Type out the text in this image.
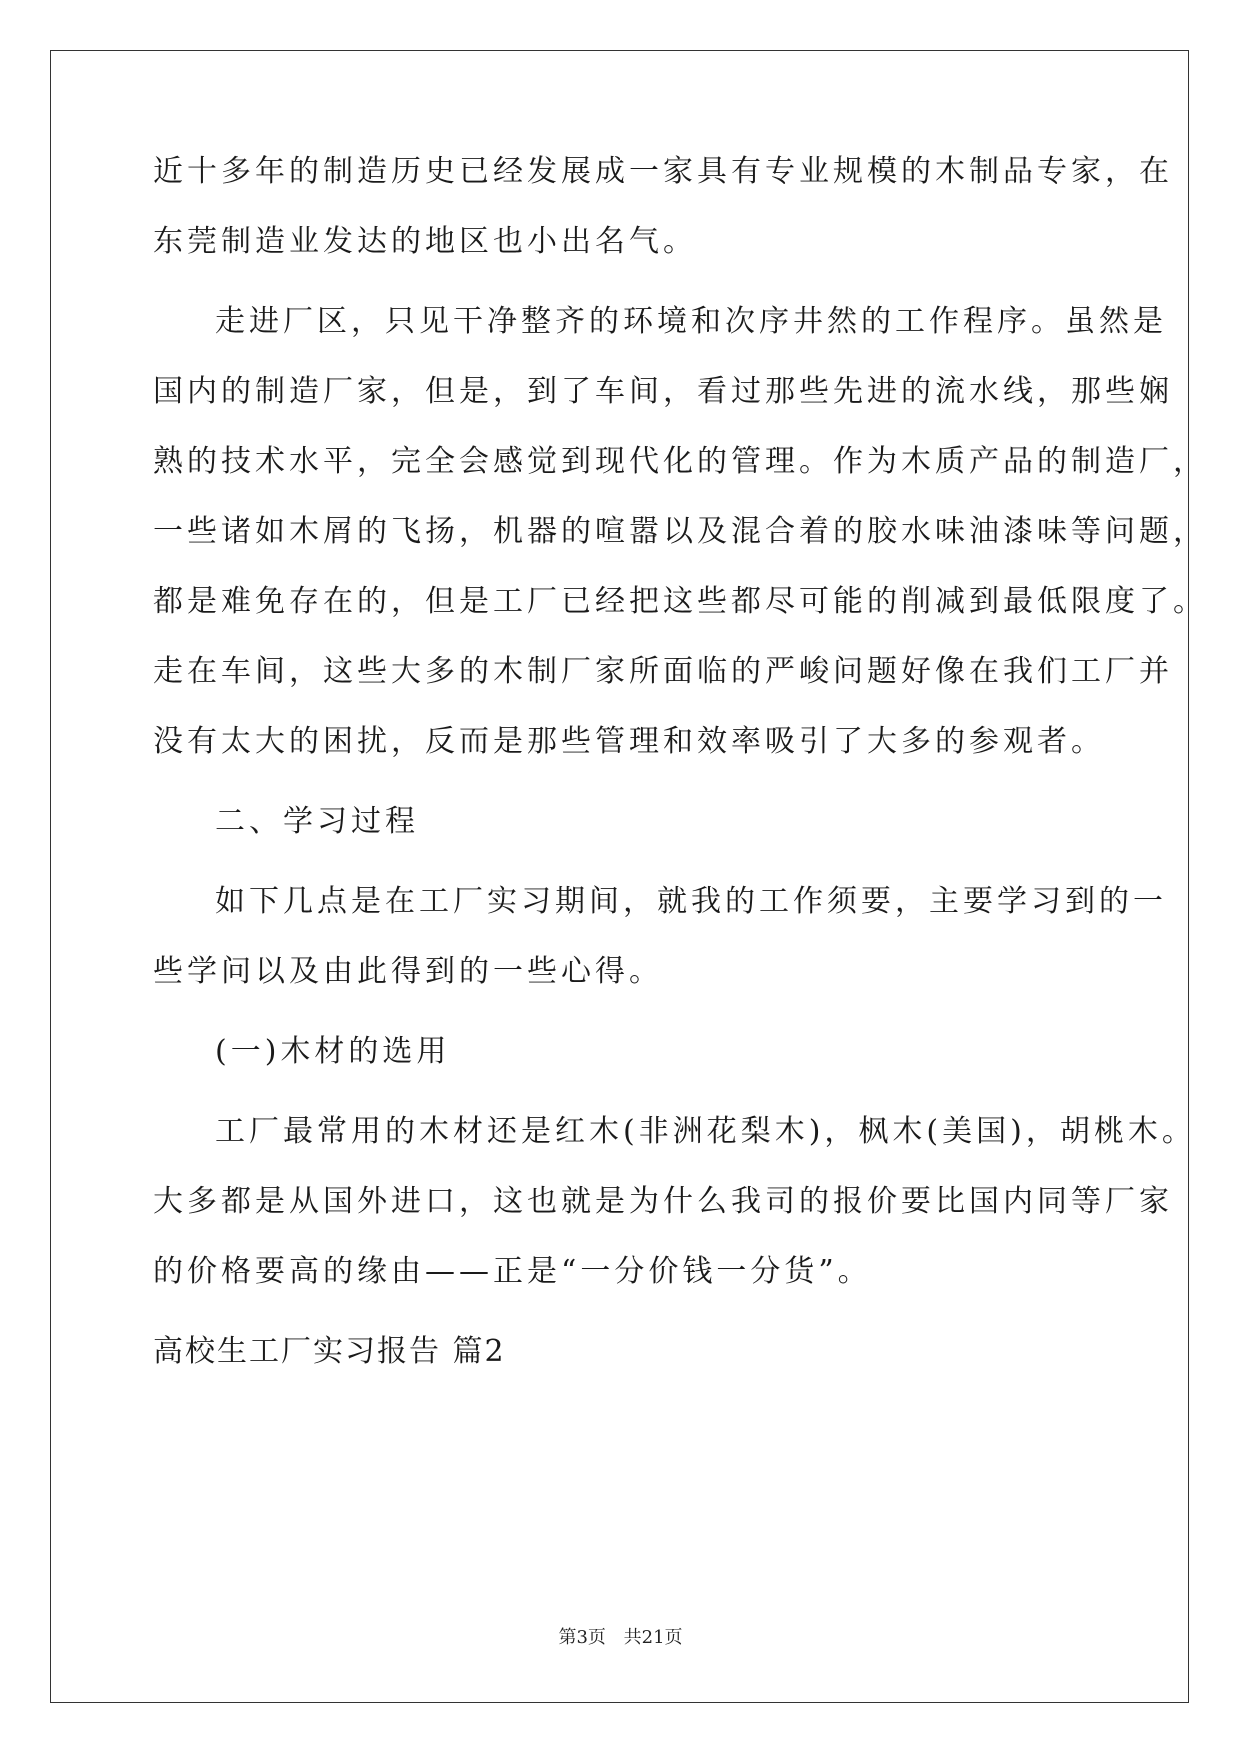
近十多年的制造历史已经发展成一家具有专业规模的木制品专家，在
东莞制造业发达的地区也小出名气。
走进厂区，只见干净整齐的环境和次序井然的工作程序。虽然是
国内的制造厂家，但是，到了车间，看过那些先进的流水线，那些娴
熟的技术水平，完全会感觉到现代化的管理。作为木质产品的制造厂，
一些诸如木屑的飞扬，机器的喧嚣以及混合着的胶水味油漆味等问题，
都是难免存在的，但是工厂已经把这些都尽可能的削减到最低限度了。
走在车间，这些大多的木制厂家所面临的严峻问题好像在我们工厂并
没有太大的困扰，反而是那些管理和效率吸引了大多的参观者。
二、学习过程
如下几点是在工厂实习期间，就我的工作须要，主要学习到的一
些学问以及由此得到的一些心得。
(一)木材的选用
工厂最常用的木材还是红木(非洲花梨木)，枫木(美国)，胡桃木。
大多都是从国外进口，这也就是为什么我司的报价要比国内同等厂家
的价格要高的缘由——正是“一分价钱一分货”。
高校生工厂实习报告 篇2
第3页 共21页
